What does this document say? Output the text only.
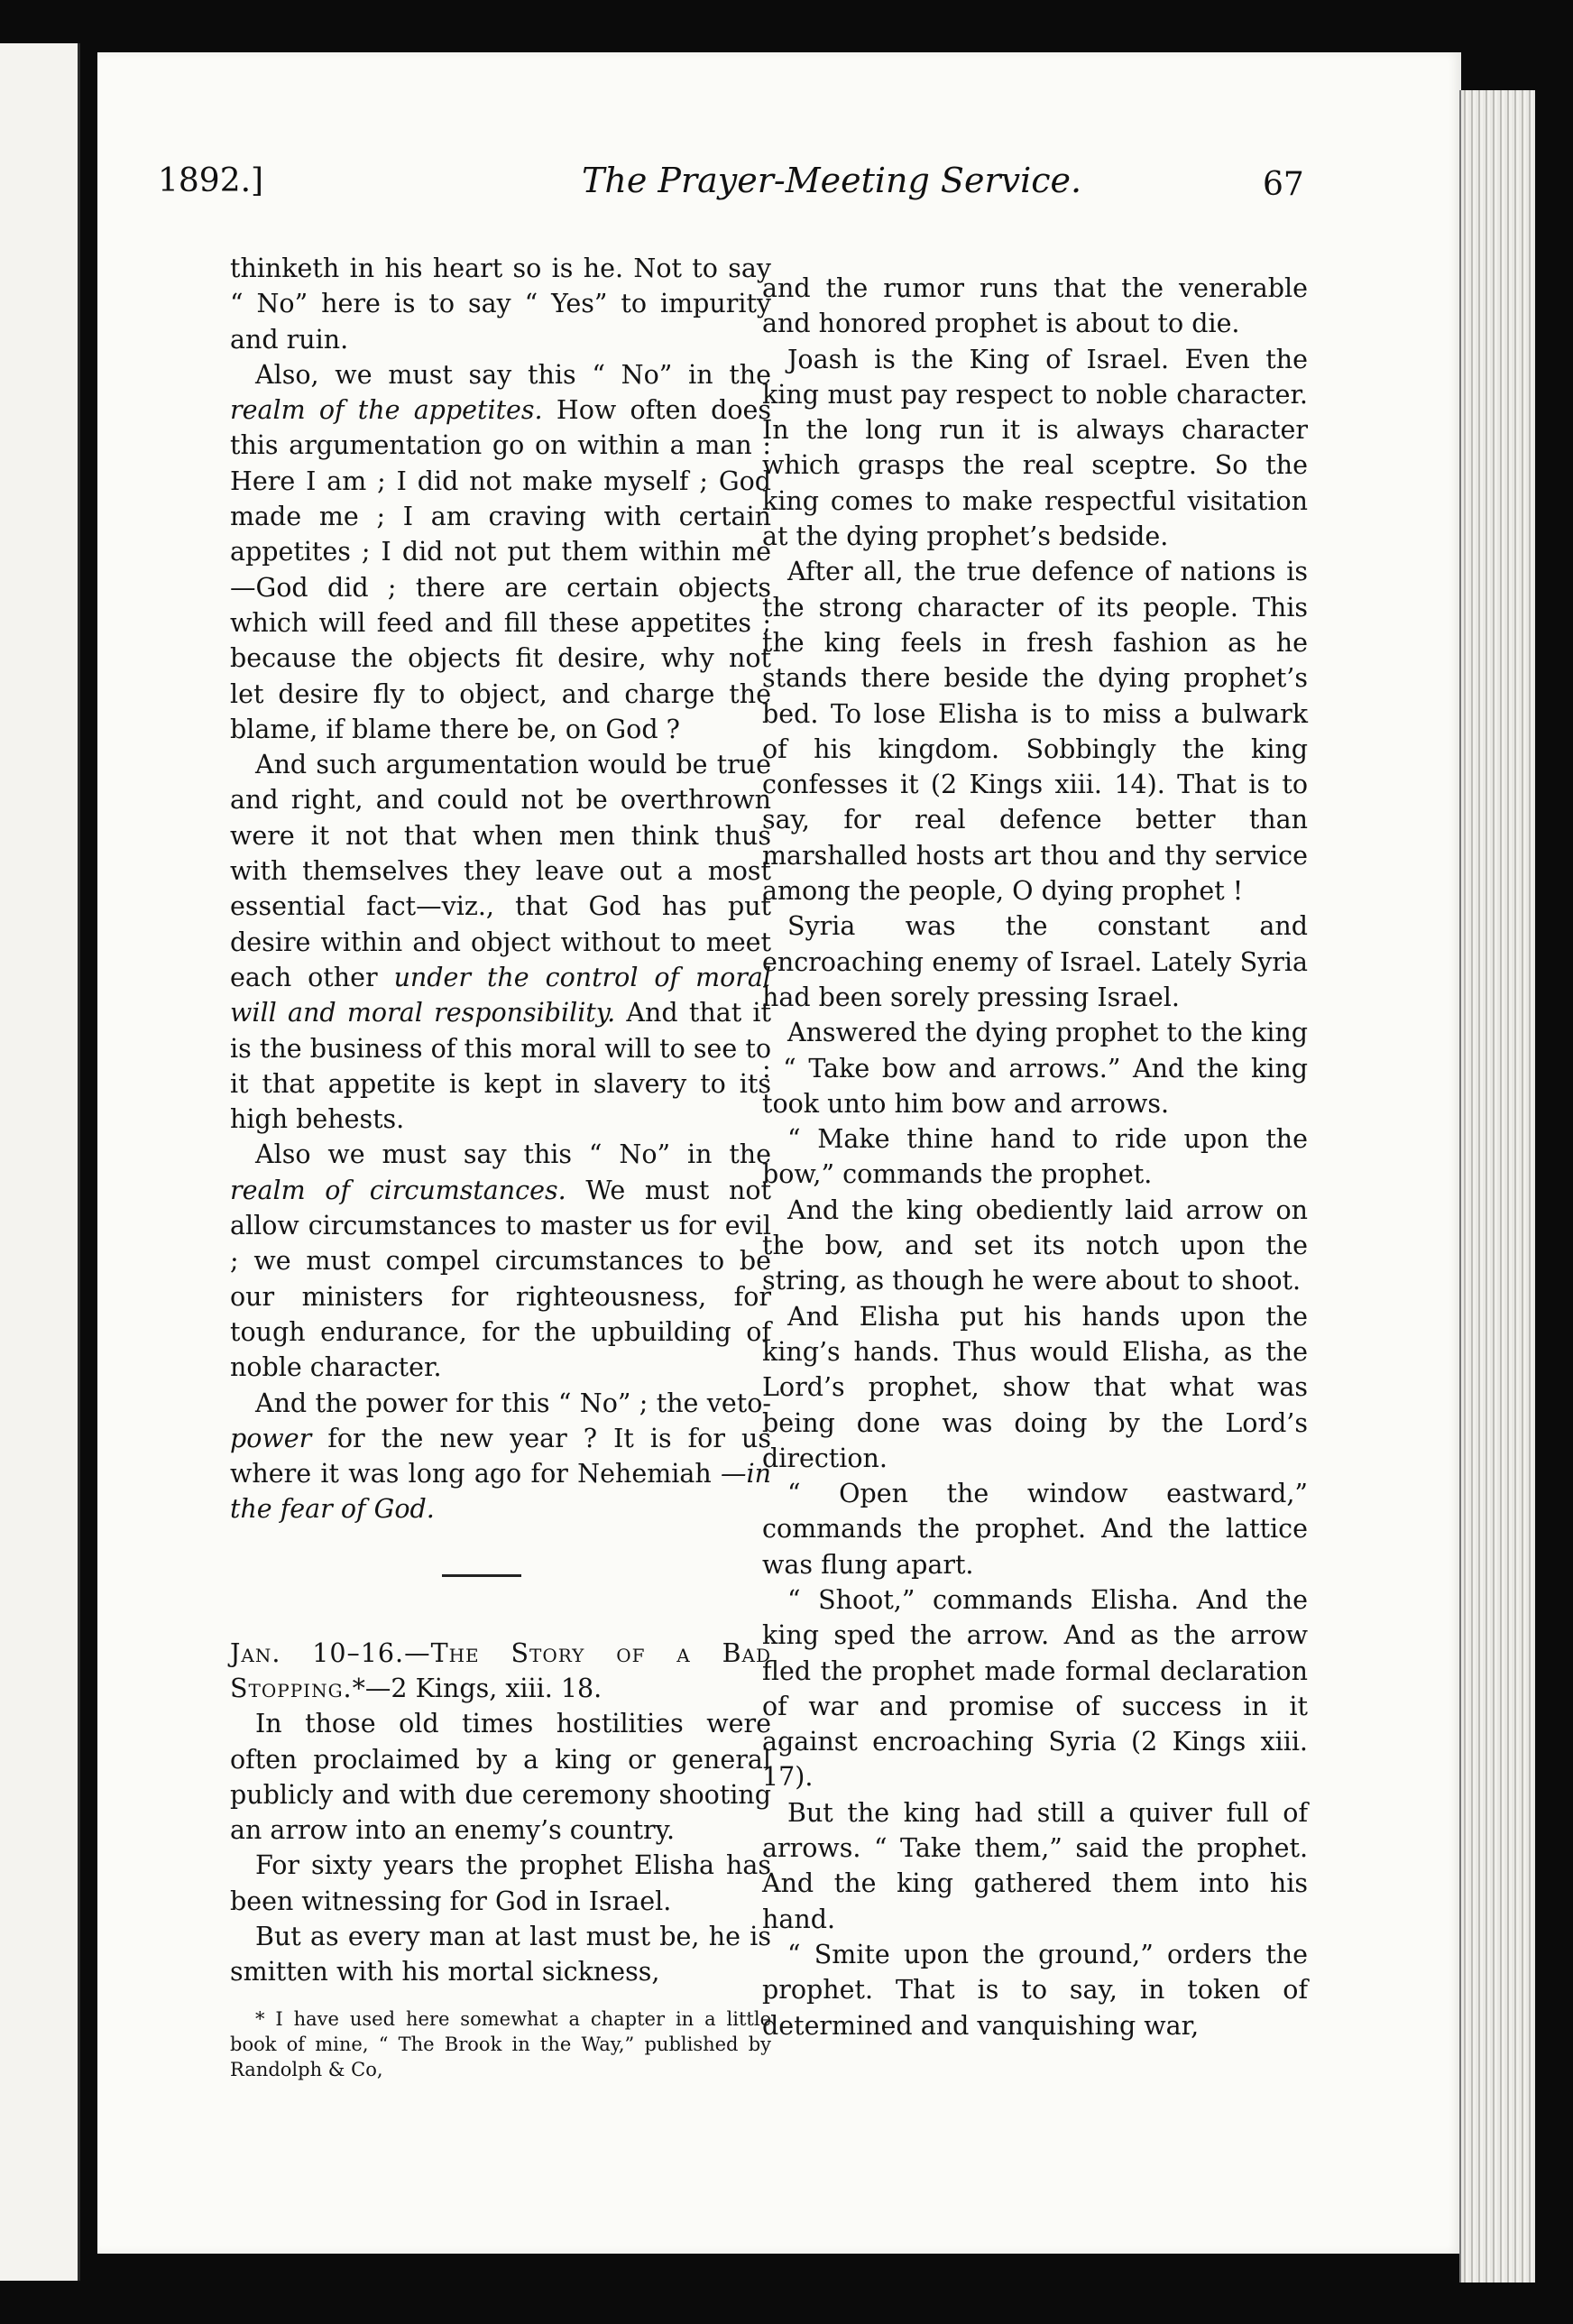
1892.]	The Prayer-Meeting Service.	67

thinketh in his heart so is he. Not to say “ No” here is to say “ Yes” to impurity and ruin.

Also, we must say this “ No” in the realm of the appetites. How often does this argumentation go on within a man : Here I am ; I did not make myself ; God made me ; I am craving with certain appetites ; I did not put them within me—God did ; there are certain objects which will feed and fill these appetites ; because the objects fit desire, why not let desire fly to object, and charge the blame, if blame there be, on God ?

And such argumentation would be true and right, and could not be overthrown were it not that when men think thus with themselves they leave out a most essential fact—viz., that God has put desire within and object without to meet each other under the control of moral will and moral responsibility. And that it is the business of this moral will to see to it that appetite is kept in slavery to its high behests.

Also we must say this “ No” in the realm of circumstances. We must not allow circumstances to master us for evil ; we must compel circumstances to be our ministers for righteousness, for tough endurance, for the upbuilding of noble character.

And the power for this “ No” ; the veto-power for the new year ? It is for us where it was long ago for Nehemiah —in the fear of God.

Jan. 10–16.—The Story of a Bad Stopping.*—2 Kings, xiii. 18.

In those old times hostilities were often proclaimed by a king or general publicly and with due ceremony shooting an arrow into an enemy’s country.

For sixty years the prophet Elisha has been witnessing for God in Israel.

But as every man at last must be, he is smitten with his mortal sickness,

* I have used here somewhat a chapter in a little book of mine, “ The Brook in the Way,” published by Randolph & Co,

and the rumor runs that the venerable and honored prophet is about to die.

Joash is the King of Israel. Even the king must pay respect to noble character. In the long run it is always character which grasps the real sceptre. So the king comes to make respectful visitation at the dying prophet’s bedside.

After all, the true defence of nations is the strong character of its people. This the king feels in fresh fashion as he stands there beside the dying prophet’s bed. To lose Elisha is to miss a bulwark of his kingdom. Sobbingly the king confesses it (2 Kings xiii. 14). That is to say, for real defence better than marshalled hosts art thou and thy service among the people, O dying prophet !

Syria was the constant and encroaching enemy of Israel. Lately Syria had been sorely pressing Israel.

Answered the dying prophet to the king : “ Take bow and arrows.” And the king took unto him bow and arrows.

“ Make thine hand to ride upon the bow,” commands the prophet.

And the king obediently laid arrow on the bow, and set its notch upon the string, as though he were about to shoot.

And Elisha put his hands upon the king’s hands. Thus would Elisha, as the Lord’s prophet, show that what was being done was doing by the Lord’s direction.

“ Open the window eastward,” commands the prophet. And the lattice was flung apart.

“ Shoot,” commands Elisha. And the king sped the arrow. And as the arrow fled the prophet made formal declaration of war and promise of success in it against encroaching Syria (2 Kings xiii. 17).

But the king had still a quiver full of arrows. “ Take them,” said the prophet. And the king gathered them into his hand.

“ Smite upon the ground,” orders the prophet. That is to say, in token of determined and vanquishing war,
